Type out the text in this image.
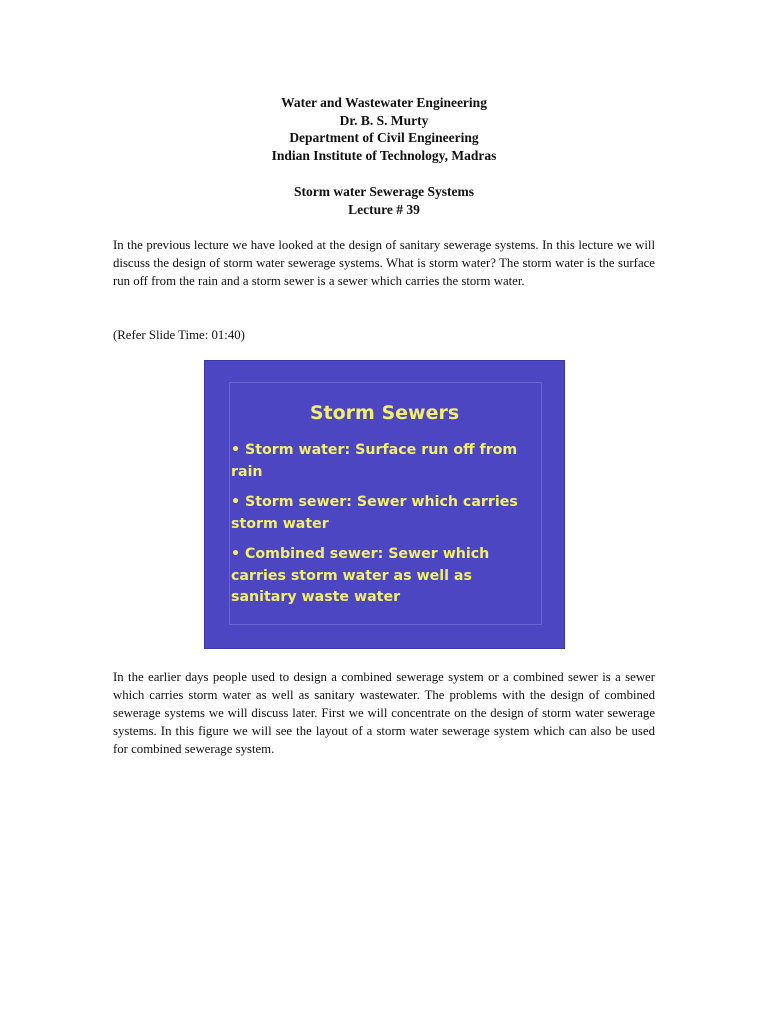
Water and Wastewater Engineering
Dr. B. S. Murty
Department of Civil Engineering
Indian Institute of Technology, Madras
Storm water Sewerage Systems
Lecture # 39

In the previous lecture we have looked at the design of sanitary sewerage systems. In this lecture we will discuss the design of storm water sewerage systems. What is storm water? The storm water is the surface run off from the rain and a storm sewer is a sewer which carries the storm water.

(Refer Slide Time: 01:40)

Storm Sewers
• Storm water: Surface run off from rain
• Storm sewer: Sewer which carries storm water
• Combined sewer: Sewer which carries storm water as well as sanitary waste water

In the earlier days people used to design a combined sewerage system or a combined sewer is a sewer which carries storm water as well as sanitary wastewater. The problems with the design of combined sewerage systems we will discuss later. First we will concentrate on the design of storm water sewerage systems. In this figure we will see the layout of a storm water sewerage system which can also be used for combined sewerage system.
